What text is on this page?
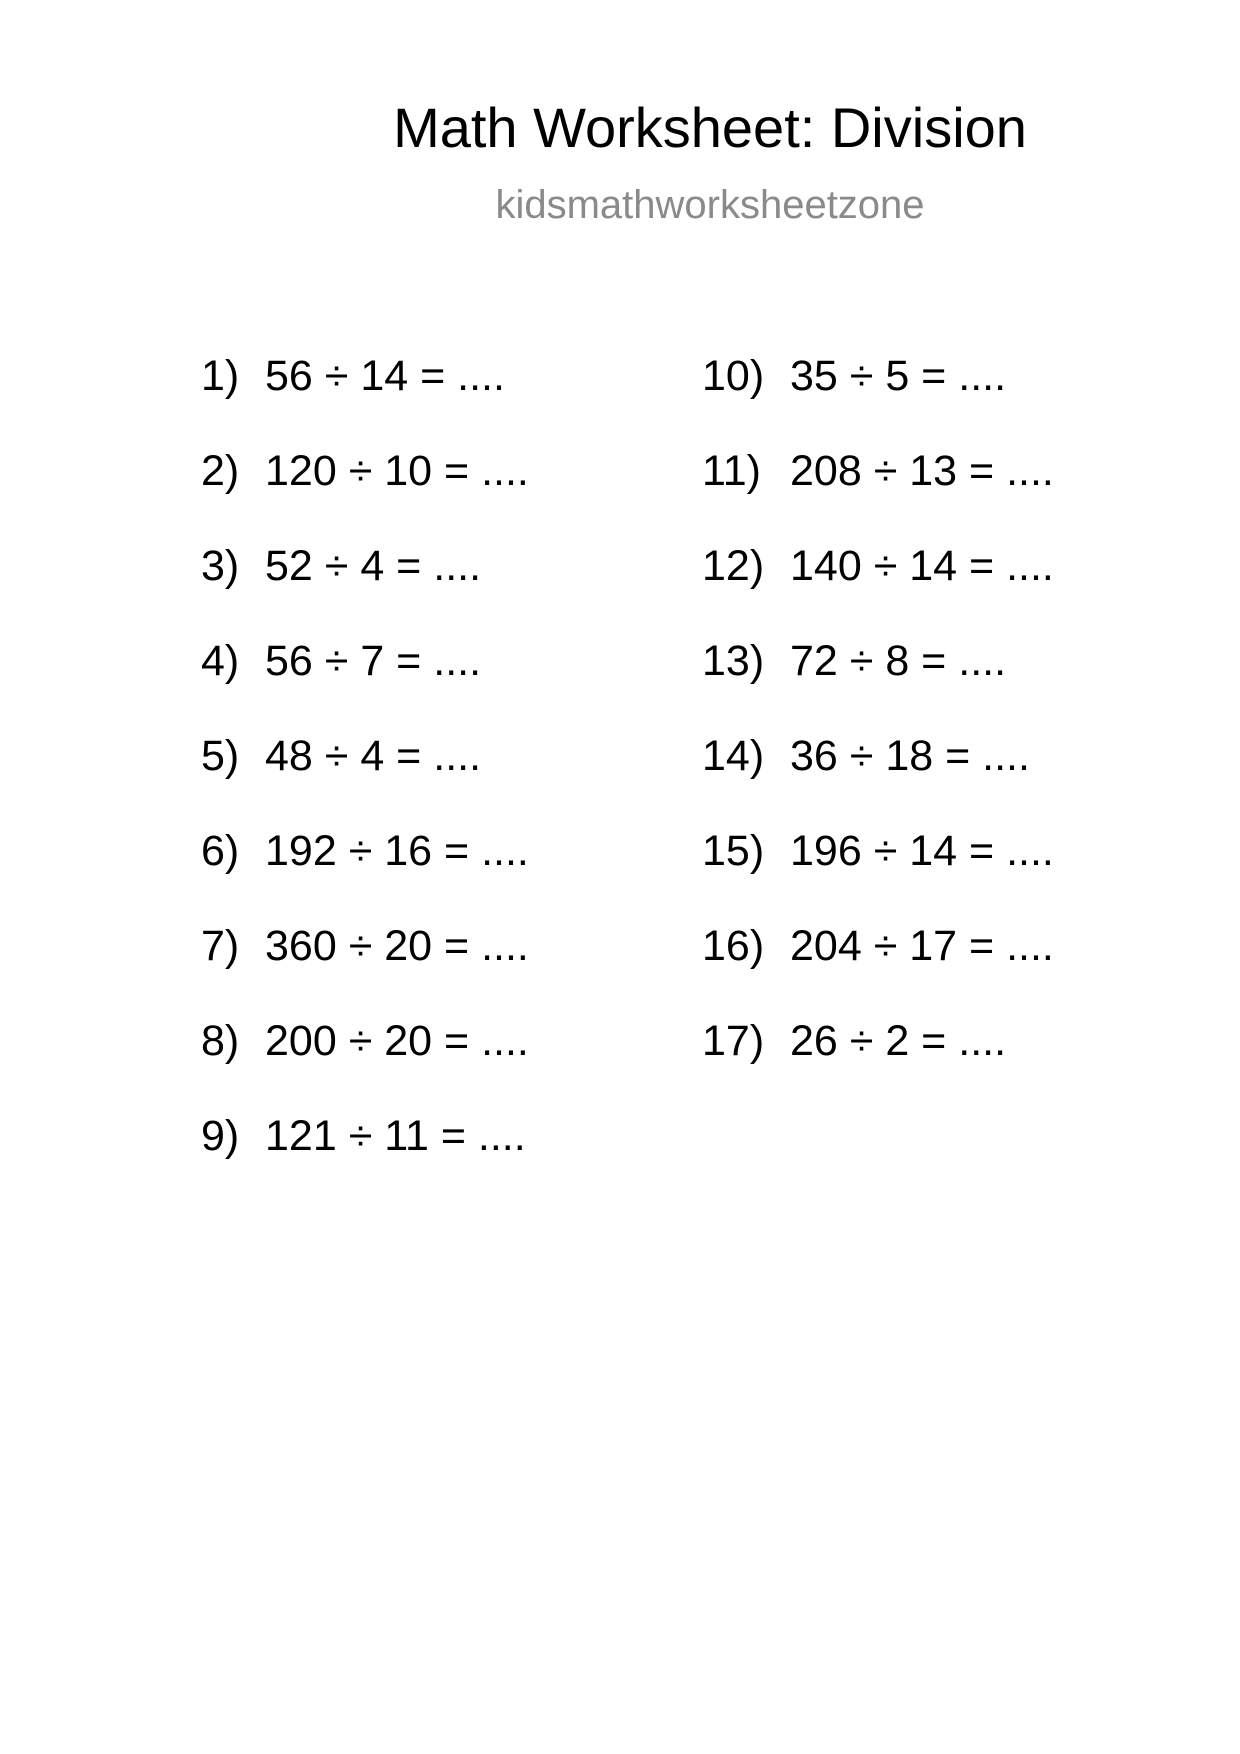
Math Worksheet: Division
kidsmathworksheetzone
1) 56 ÷ 14 = ....
2) 120 ÷ 10 = ....
3) 52 ÷ 4 = ....
4) 56 ÷ 7 = ....
5) 48 ÷ 4 = ....
6) 192 ÷ 16 = ....
7) 360 ÷ 20 = ....
8) 200 ÷ 20 = ....
9) 121 ÷ 11 = ....
10) 35 ÷ 5 = ....
11) 208 ÷ 13 = ....
12) 140 ÷ 14 = ....
13) 72 ÷ 8 = ....
14) 36 ÷ 18 = ....
15) 196 ÷ 14 = ....
16) 204 ÷ 17 = ....
17) 26 ÷ 2 = ....
